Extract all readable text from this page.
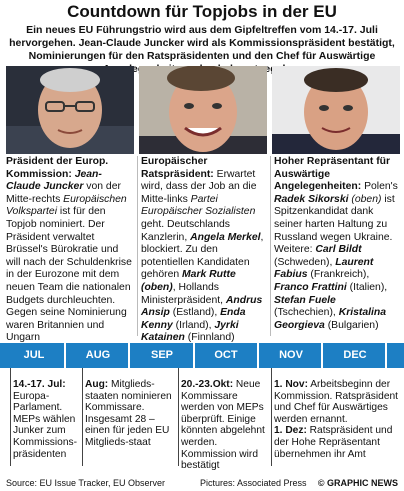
Countdown für Topjobs in der EU
Ein neues EU Führungstrio wird aus dem Gipfeltreffen vom 14.-17. Juli hervorgehen. Jean-Claude Juncker wird als Kommissionspräsident bestätigt, Nominierungen für den Ratspräsidenten und den Chef für Auswärtige Angelegenheit
Präsident der Europ. Kommission: Jean-Claude Juncker von der Mitte-rechts Europäischen Volkspartei ist für den Topjob nominiert. Der Präsident verwaltet Brüssel's Bürokratie und will nach der Schuldenkrise in der Eurozone mit dem neuen Team die nationalen Budgets durchleuchten. Gegen seine Nominierung waren Britannien und Ungarn
Europäischer Ratspräsident: Erwartet wird, dass der Job an die Mitte-links Partei Europäischer Sozialisten geht. Deutschlands Kanzlerin, Angela Merkel, blockiert. Zu den potentiellen Kandidaten gehören Mark Rutte (oben), Hollands Ministerpräsident, Andrus Ansip (Estland), Enda Kenny (Irland), Jyrki Katainen (Finnland)
Hoher Repräsentant für Auswärtige Angelegenheiten: Polen's Radek Sikorski (oben) ist Spitzenkandidat dank seiner harten Haltung zu Russland wegen Ukraine. Weitere: Carl Bildt (Schweden), Laurent Fabius (Frankreich), Franco Frattini (Italien), Stefan Fuele (Tschechien), Kristalina Georgieva (Bulgarien)
JUL	AUG	SEP	OCT	NOV	DEC
14.-17. Jul: Europa-Parlament. MEPs wählen Junker zum Kommissions-präsidenten
Aug: Mitglieds-staaten nominieren Kommissare. Insgesamt 28 – einen für jeden EU Mitglieds-staat
20.-23.Okt: Neue Kommissare werden von MEPs überprüft. Einige könnten abgelehnt werden. Kommission wird bestätigt
1. Nov: Arbeitsbeginn der Kommission. Ratspräsident und Chef für Auswärtiges werden ernannt.
1. Dez: Ratspräsident und der Hohe Repräsentant übernehmen ihr Amt
Source: EU Issue Tracker, EU Observer	Pictures: Associated Press © GRAPHIC NEWS
